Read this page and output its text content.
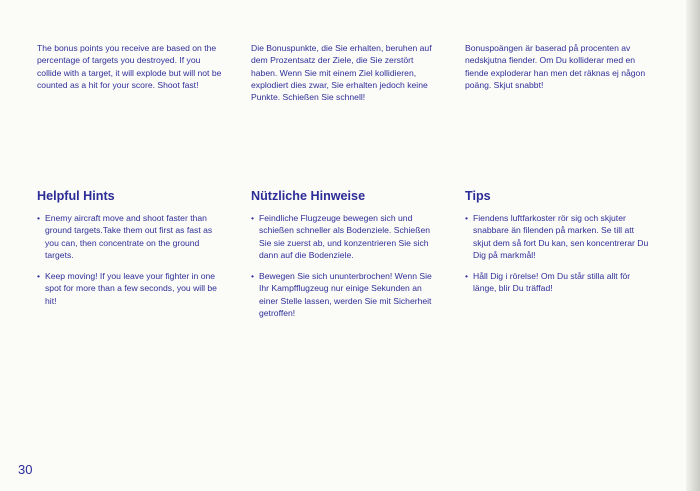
The bonus points you receive are based on the percentage of targets you destroyed. If you collide with a target, it will explode but will not be counted as a hit for your score. Shoot fast!

Helpful Hints
• Enemy aircraft move and shoot faster than ground targets.Take them out first as fast as you can, then concentrate on the ground targets.
• Keep moving! If you leave your fighter in one spot for more than a few seconds, you will be hit!

Die Bonuspunkte, die Sie erhalten, beruhen auf dem Prozentsatz der Ziele, die Sie zerstört haben. Wenn Sie mit einem Ziel kollidieren, explodiert dies zwar, Sie erhalten jedoch keine Punkte. Schießen Sie schnell!

Nützliche Hinweise
• Feindliche Flugzeuge bewegen sich und schießen schneller als Bodenziele. Schießen Sie sie zuerst ab, und konzentrieren Sie sich dann auf die Bodenziele.
• Bewegen Sie sich ununterbrochen! Wenn Sie Ihr Kampfflugzeug nur einige Sekunden an einer Stelle lassen, werden Sie mit Sicherheit getroffen!

Bonuspoängen är baserad på procenten av nedskjutna fiender. Om Du kolliderar med en fiende exploderar han men det räknas ej någon poäng. Skjut snabbt!

Tips
• Fiendens luftfarkoster rör sig och skjuter snabbare än filenden på marken. Se till att skjut dem så fort Du kan, sen koncentrerar Du Dig på markmål!
• Håll Dig i rörelse! Om Du står stilla allt för länge, blir Du träffad!
30
